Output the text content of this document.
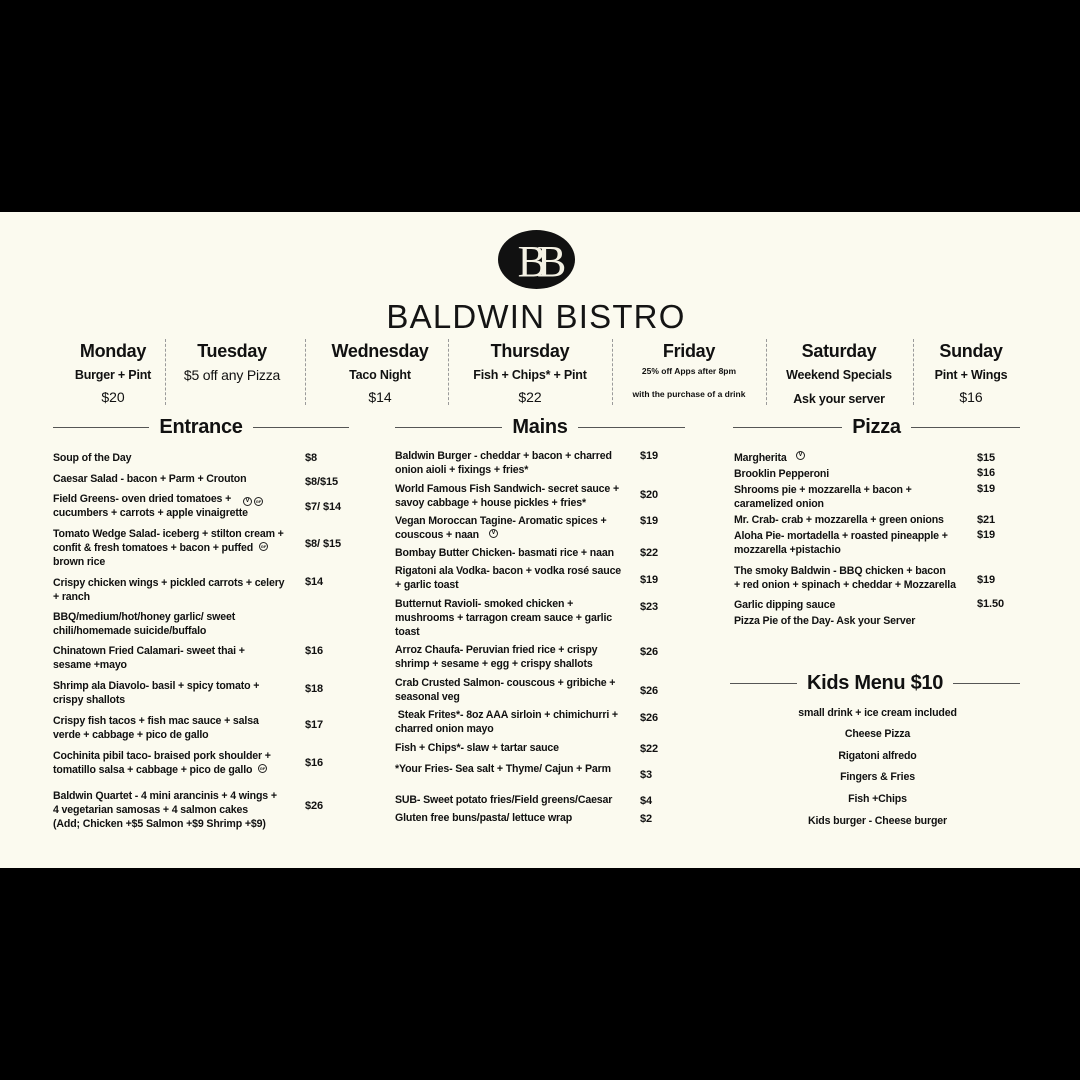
BB
BALDWIN BISTRO
Monday
Burger + Pint
$20
Tuesday
$5 off any Pizza
Wednesday
Taco Night
$14
Thursday
Fish + Chips* + Pint
$22
Friday
25% off Apps after 8pm
with the purchase of a drink
Saturday
Weekend Specials
Ask your server
Sunday
Pint + Wings
$16
Entrance	Mains	Pizza
Kids Menu $10
Soup of the Day	$8
Caesar Salad - bacon + Parm + Crouton	$8/$15
Field Greens- oven dried tomatoes +
cucumbers + carrots + apple vinaigrette	$7/ $14
V	GF
Tomato Wedge Salad- iceberg + stilton cream +
confit & fresh tomatoes + bacon + puffed
brown rice
$8/ $15
GF
Crispy chicken wings + pickled carrots + celery
+ ranch
$14
BBQ/medium/hot/honey garlic/ sweet
chili/homemade suicide/buffalo
Chinatown Fried Calamari- sweet thai +
sesame +mayo
$16
Shrimp ala Diavolo- basil + spicy tomato +
crispy shallots
$18
Crispy fish tacos + fish mac sauce + salsa
verde + cabbage + pico de gallo
$17
Cochinita pibil taco- braised pork shoulder +
tomatillo salsa + cabbage + pico de gallo
$16
GF
Baldwin Quartet - 4 mini arancinis + 4 wings +
4 vegetarian samosas + 4 salmon cakes
(Add; Chicken +$5 Salmon +$9 Shrimp +$9)
$26
Baldwin Burger - cheddar + bacon + charred
onion aioli + fixings + fries*
$19
World Famous Fish Sandwich- secret sauce +
savoy cabbage + house pickles + fries*
$20
Vegan Moroccan Tagine- Aromatic spices +
couscous + naan
$19
V
Bombay Butter Chicken- basmati rice + naan	$22
Rigatoni ala Vodka- bacon + vodka rosé sauce
+ garlic toast	$19
Butternut Ravioli- smoked chicken +
mushrooms + tarragon cream sauce + garlic
toast
$23
Arroz Chaufa- Peruvian fried rice + crispy
shrimp + sesame + egg + crispy shallots
$26
Crab Crusted Salmon- couscous + gribiche +
seasonal veg	$26
Steak Frites*- 8oz AAA sirloin + chimichurri +
charred onion mayo
$26
Fish + Chips*- slaw + tartar sauce	$22
*Your Fries- Sea salt + Thyme/ Cajun + Parm	$3
SUB- Sweet potato fries/Field greens/Caesar	$4
Gluten free buns/pasta/ lettuce wrap	$2
Margherita	$15
V
Brooklin Pepperoni	$16
Shrooms pie + mozzarella + bacon +
caramelized onion
$19
Mr. Crab- crab + mozzarella + green onions	$21
Aloha Pie- mortadella + roasted pineapple +
mozzarella +pistachio
$19
The smoky Baldwin - BBQ chicken + bacon
+ red onion + spinach + cheddar + Mozzarella	$19
Garlic dipping sauce	$1.50
Pizza Pie of the Day- Ask your Server
small drink + ice cream included
Cheese Pizza
Rigatoni alfredo
Fingers & Fries
Fish +Chips
Kids burger - Cheese burger
